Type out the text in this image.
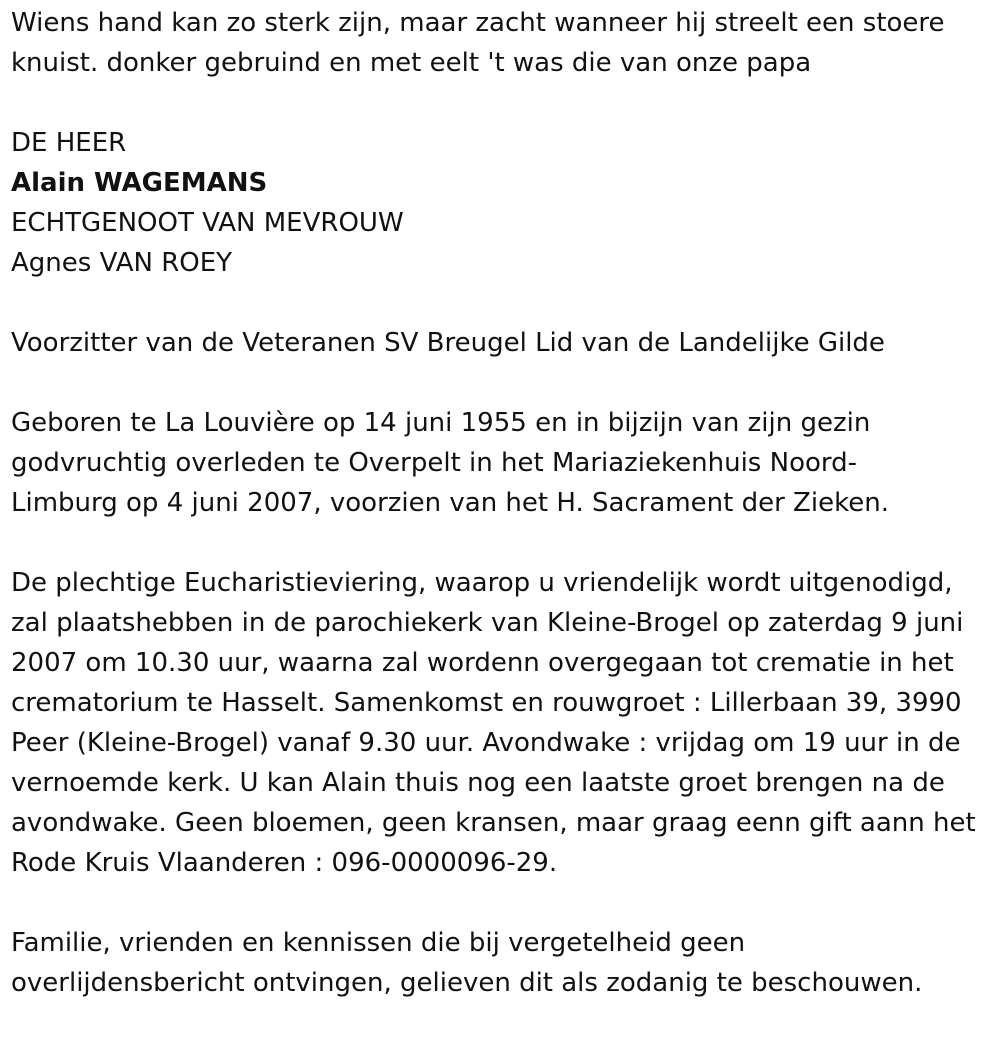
Wiens hand kan zo sterk zijn, maar zacht wanneer hij streelt een stoere

knuist. donker gebruind en met eelt 't was die van onze papa

DE HEER

Alain WAGEMANS

ECHTGENOOT VAN MEVROUW

Agnes VAN ROEY

Voorzitter van de Veteranen SV Breugel Lid van de Landelijke Gilde

Geboren te La Louvière op 14 juni 1955 en in bijzijn van zijn gezin

godvruchtig overleden te Overpelt in het Mariaziekenhuis Noord-

Limburg op 4 juni 2007, voorzien van het H. Sacrament der Zieken.

De plechtige Eucharistieviering, waarop u vriendelijk wordt uitgenodigd,

zal plaatshebben in de parochiekerk van Kleine-Brogel op zaterdag 9 juni

2007 om 10.30 uur, waarna zal wordenn overgegaan tot crematie in het

crematorium te Hasselt. Samenkomst en rouwgroet : Lillerbaan 39, 3990

Peer (Kleine-Brogel) vanaf 9.30 uur. Avondwake : vrijdag om 19 uur in de

vernoemde kerk. U kan Alain thuis nog een laatste groet brengen na de

avondwake. Geen bloemen, geen kransen, maar graag eenn gift aann het

Rode Kruis Vlaanderen : 096-0000096-29.

Familie, vrienden en kennissen die bij vergetelheid geen

overlijdensbericht ontvingen, gelieven dit als zodanig te beschouwen.
